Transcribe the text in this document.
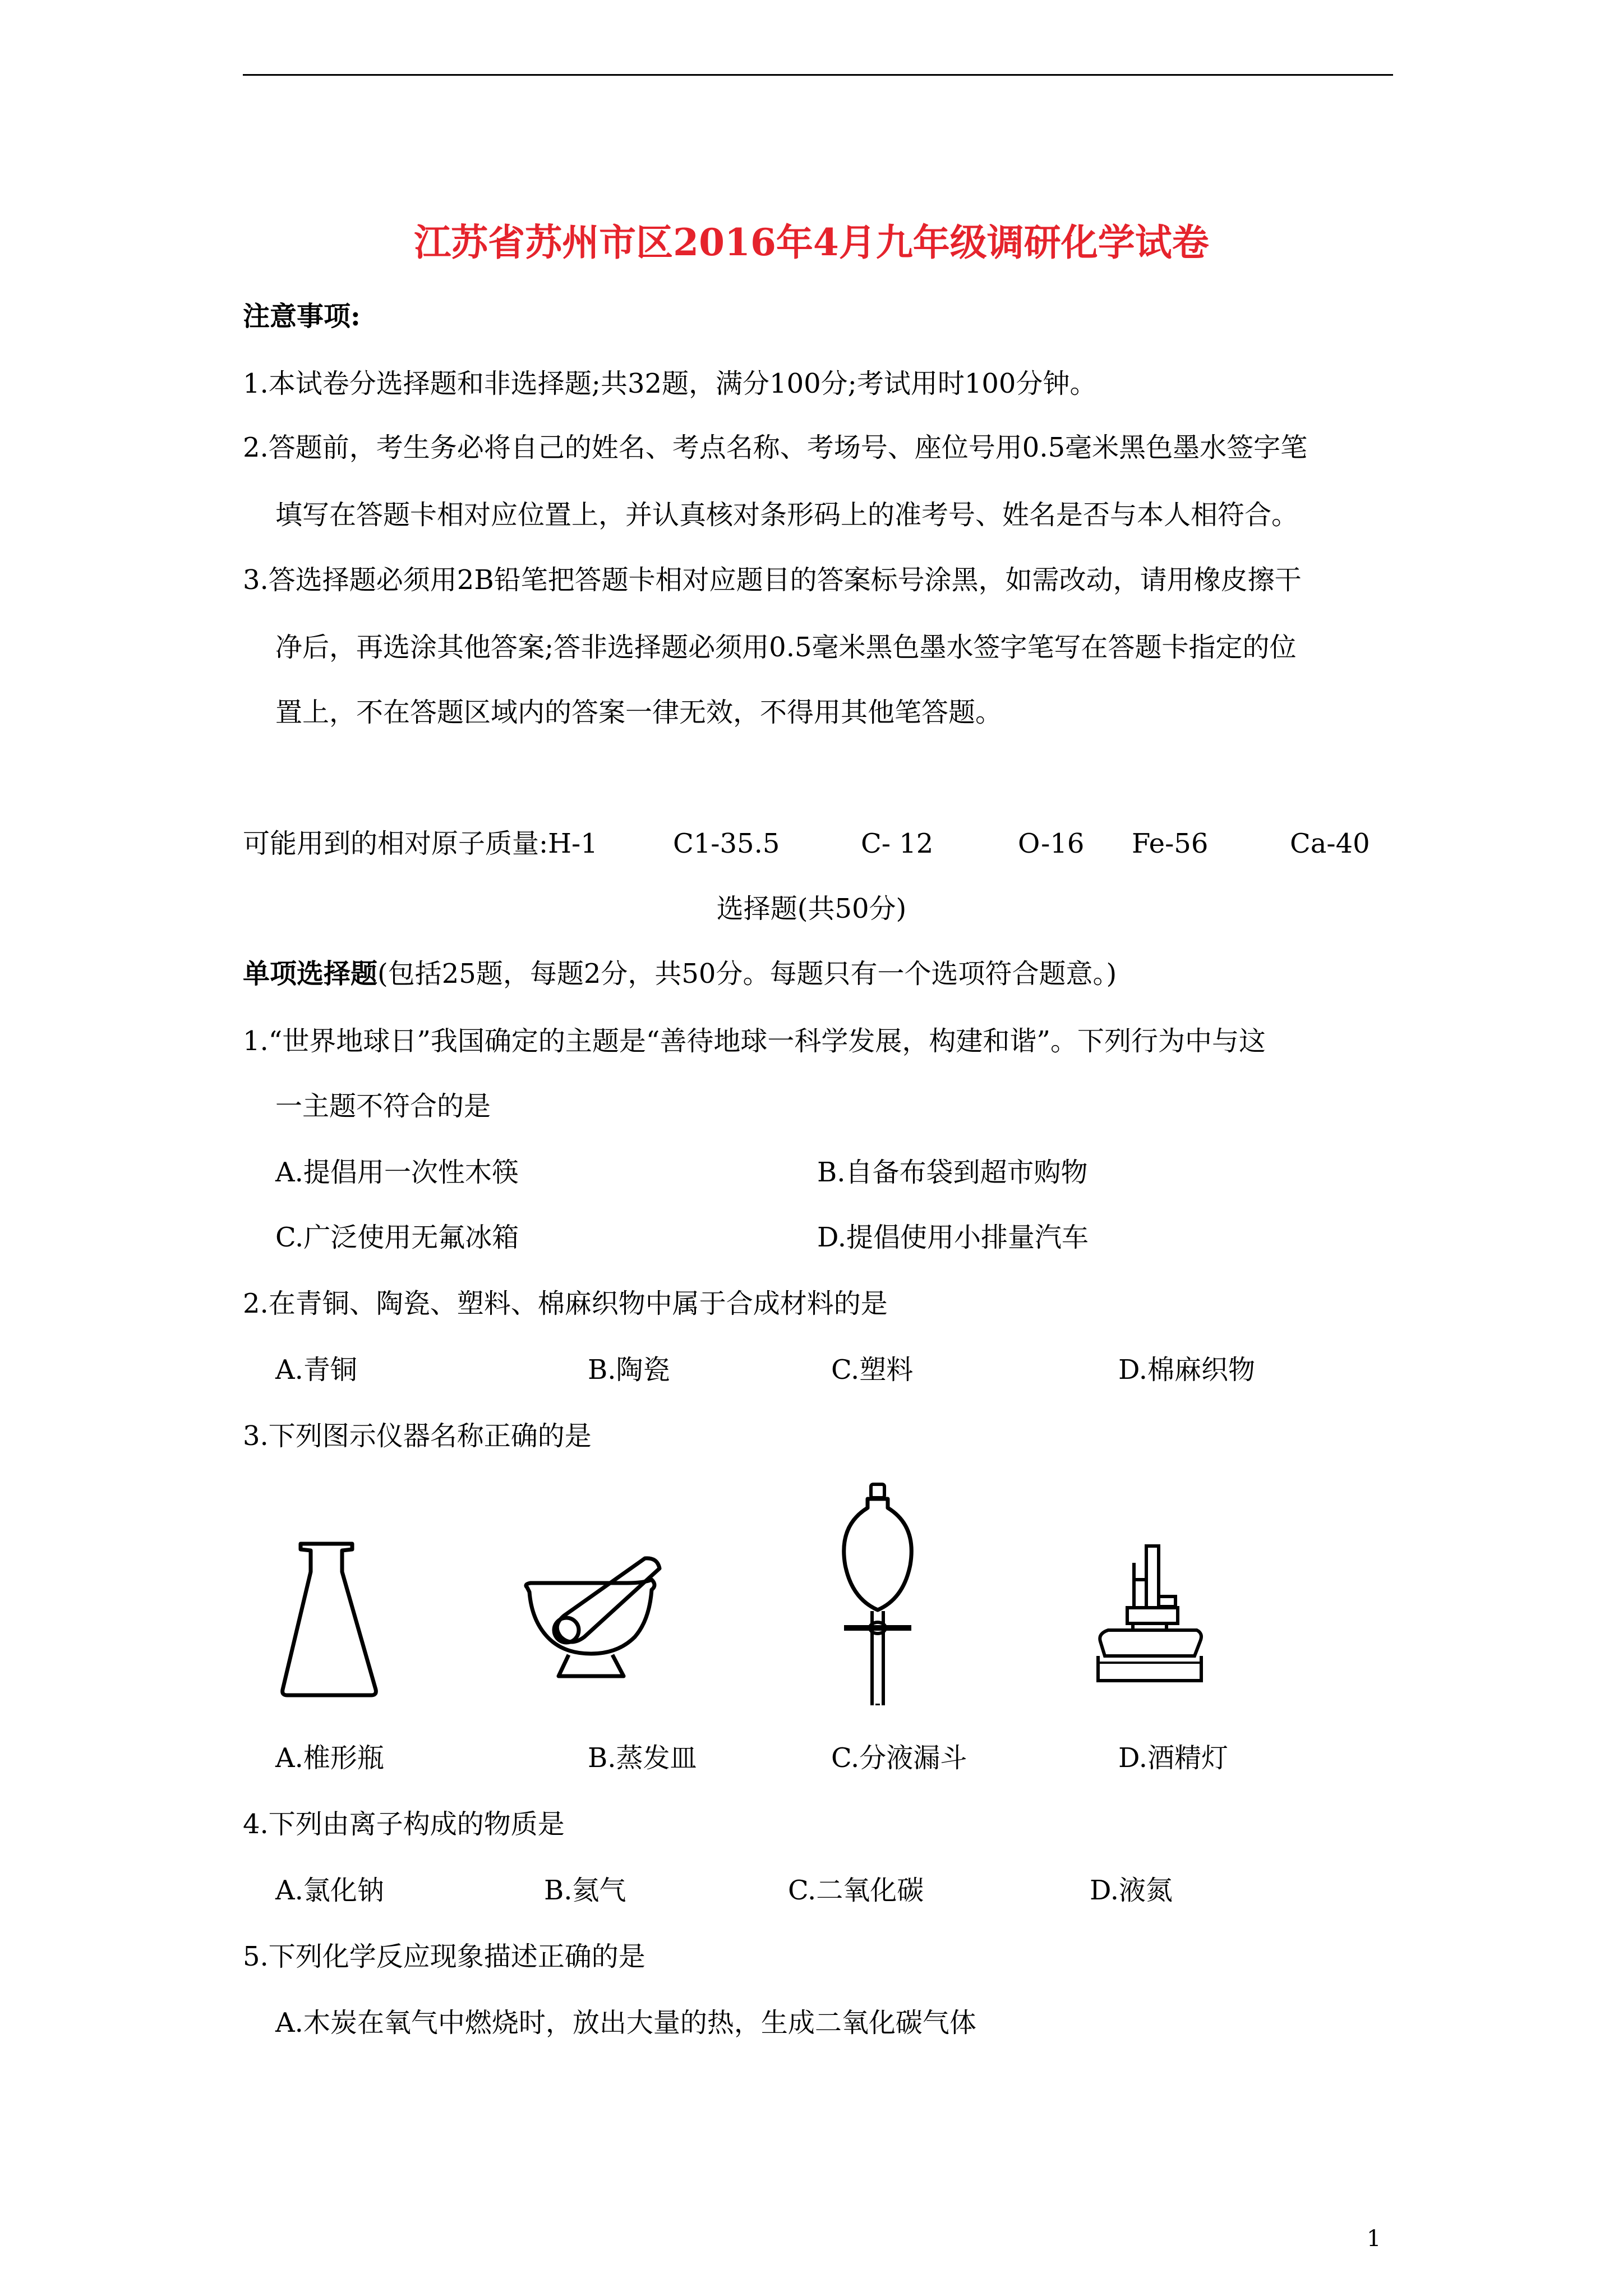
江苏省苏州市区2016年4月九年级调研化学试卷
注意事项:
1.本试卷分选择题和非选择题;共32题，满分100分;考试用时100分钟。
2.答题前，考生务必将自己的姓名、考点名称、考场号、座位号用0.5毫米黑色墨水签字笔
填写在答题卡相对应位置上，并认真核对条形码上的准考号、姓名是否与本人相符合。
3.答选择题必须用2B铅笔把答题卡相对应题目的答案标号涂黑，如需改动，请用橡皮擦干
净后，再选涂其他答案;答非选择题必须用0.5毫米黑色墨水签字笔写在答题卡指定的位
置上，不在答题区域内的答案一律无效，不得用其他笔答题。
可能用到的相对原子质量:H-1	C1-35.5	C- 12	O-16 Fe-56	Ca-40
选择题(共50分)
单项选择题(包括25题，每题2分，共50分。每题只有一个选项符合题意。)
1.“世界地球日”我国确定的主题是“善待地球一科学发展，构建和谐”。下列行为中与这
一主题不符合的是
A.提倡用一次性木筷	B.自备布袋到超市购物
C.广泛使用无氟冰箱	D.提倡使用小排量汽车
2.在青铜、陶瓷、塑料、棉麻织物中属于合成材料的是
A.青铜	B.陶瓷	C.塑料	D.棉麻织物
3.下列图示仪器名称正确的是
A.椎形瓶	B.蒸发皿	C.分液漏斗	D.酒精灯
4.下列由离子构成的物质是
A.氯化钠	B.氦气	C.二氧化碳	D.液氮
5.下列化学反应现象描述正确的是
A.木炭在氧气中燃烧时，放出大量的热，生成二氧化碳气体
1
